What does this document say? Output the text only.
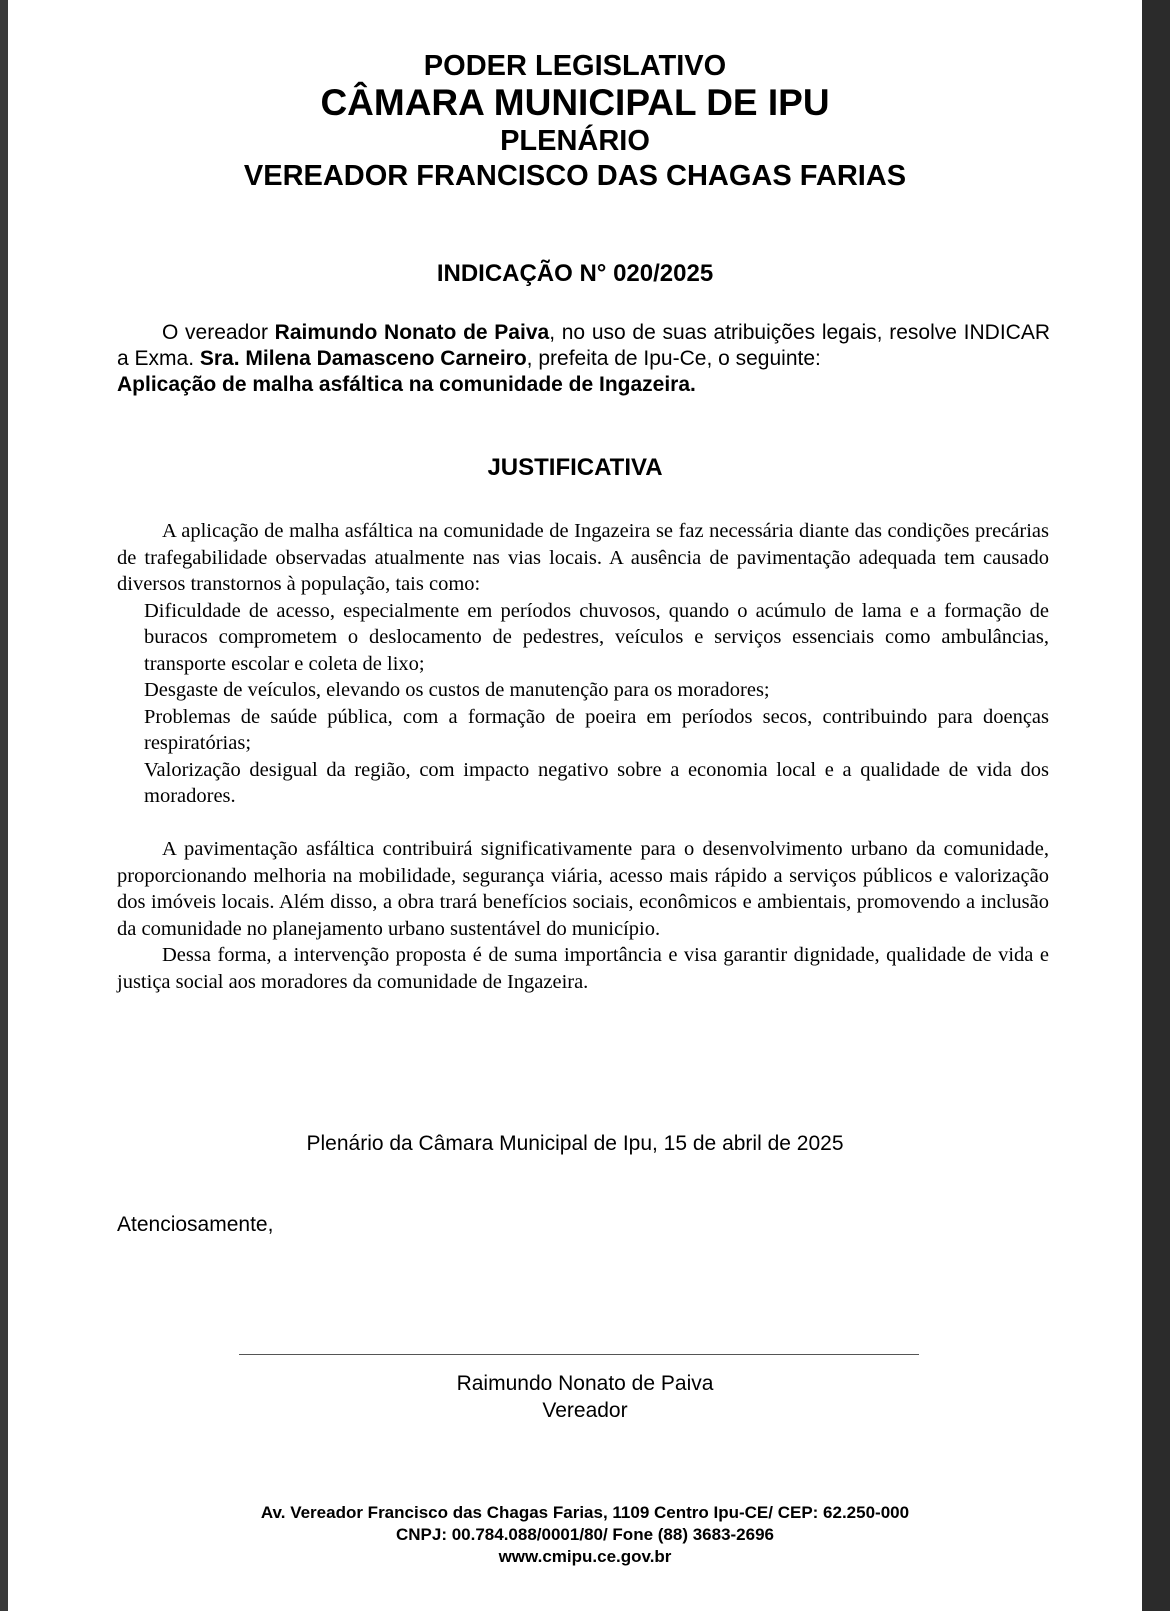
PODER LEGISLATIVO
CÂMARA MUNICIPAL DE IPU
PLENÁRIO
VEREADOR FRANCISCO DAS CHAGAS FARIAS
INDICAÇÃO N° 020/2025

O vereador Raimundo Nonato de Paiva, no uso de suas atribuições legais, resolve INDICAR a Exma. Sra. Milena Damasceno Carneiro, prefeita de Ipu-Ce, o seguinte:

Aplicação de malha asfáltica na comunidade de Ingazeira.

JUSTIFICATIVA

A aplicação de malha asfáltica na comunidade de Ingazeira se faz necessária diante das condições precárias de trafegabilidade observadas atualmente nas vias locais. A ausência de pavimentação adequada tem causado diversos transtornos à população, tais como:

Dificuldade de acesso, especialmente em períodos chuvosos, quando o acúmulo de lama e a formação de buracos comprometem o deslocamento de pedestres, veículos e serviços essenciais como ambulâncias, transporte escolar e coleta de lixo;

Desgaste de veículos, elevando os custos de manutenção para os moradores;

Problemas de saúde pública, com a formação de poeira em períodos secos, contribuindo para doenças respiratórias;

Valorização desigual da região, com impacto negativo sobre a economia local e a qualidade de vida dos moradores.

A pavimentação asfáltica contribuirá significativamente para o desenvolvimento urbano da comunidade, proporcionando melhoria na mobilidade, segurança viária, acesso mais rápido a serviços públicos e valorização dos imóveis locais. Além disso, a obra trará benefícios sociais, econômicos e ambientais, promovendo a inclusão da comunidade no planejamento urbano sustentável do município.

Dessa forma, a intervenção proposta é de suma importância e visa garantir dignidade, qualidade de vida e justiça social aos moradores da comunidade de Ingazeira.

Plenário da Câmara Municipal de Ipu, 15 de abril de 2025
Atenciosamente,
Raimundo Nonato de Paiva
Vereador
Av. Vereador Francisco das Chagas Farias, 1109 Centro Ipu-CE/ CEP: 62.250-000
CNPJ: 00.784.088/0001/80/ Fone (88) 3683-2696
www.cmipu.ce.gov.br
